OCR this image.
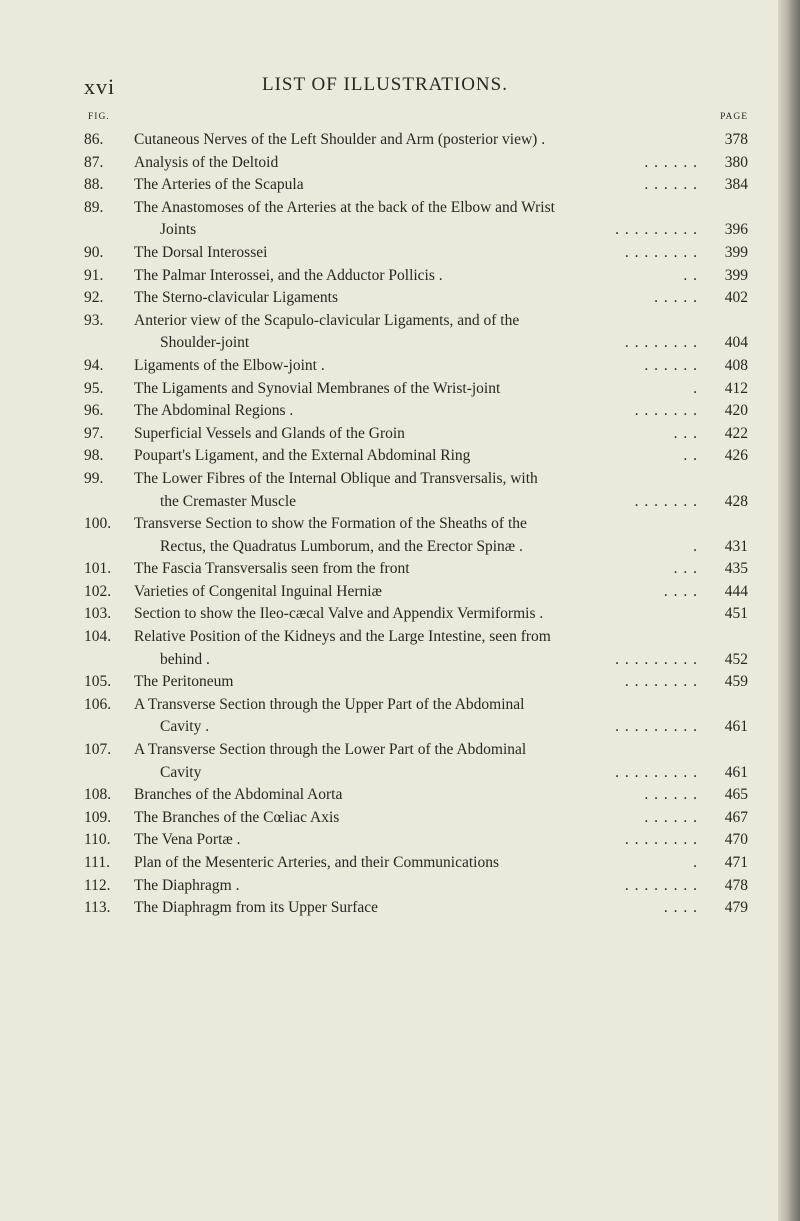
xvi	LIST OF ILLUSTRATIONS.
FIG.	PAGE
86. Cutaneous Nerves of the Left Shoulder and Arm (posterior view) .	378
87. Analysis of the Deltoid	. . . . . . 380
88. The Arteries of the Scapula	. . . . . . 384
89. The Anastomoses of the Arteries at the back of the Elbow and Wrist
Joints	. . . . . . . . . 396
90. The Dorsal Interossei	. . . . . . . . 399
91. The Palmar Interossei, and the Adductor Pollicis .	. . 399
92. The Sterno-clavicular Ligaments	. . . . . 402
93. Anterior view of the Scapulo-clavicular Ligaments, and of the
Shoulder-joint	. . . . . . . . 404
94. Ligaments of the Elbow-joint .	. . . . . . 408
95. The Ligaments and Synovial Membranes of the Wrist-joint	. 412
96. The Abdominal Regions .	. . . . . . . 420
97. Superficial Vessels and Glands of the Groin	. . . 422
98. Poupart's Ligament, and the External Abdominal Ring	. . 426
99. The Lower Fibres of the Internal Oblique and Transversalis, with
the Cremaster Muscle	. . . . . . . 428
100. Transverse Section to show the Formation of the Sheaths of the
Rectus, the Quadratus Lumborum, and the Erector Spinæ .	. 431
101. The Fascia Transversalis seen from the front	. . . 435
102. Varieties of Congenital Inguinal Herniæ	. . . . 444
103. Section to show the Ileo-cæcal Valve and Appendix Vermiformis .	451
104. Relative Position of the Kidneys and the Large Intestine, seen from
behind .	. . . . . . . . . 452
105. The Peritoneum	. . . . . . . . 459
106. A Transverse Section through the Upper Part of the Abdominal
Cavity .	. . . . . . . . . 461
107. A Transverse Section through the Lower Part of the Abdominal
Cavity	. . . . . . . . . 461
108. Branches of the Abdominal Aorta	. . . . . . 465
109. The Branches of the Cœliac Axis	. . . . . . 467
110. The Vena Portæ .	. . . . . . . . 470
111. Plan of the Mesenteric Arteries, and their Communications	. 471
112. The Diaphragm .	. . . . . . . . 478
113. The Diaphragm from its Upper Surface	. . . . 479
